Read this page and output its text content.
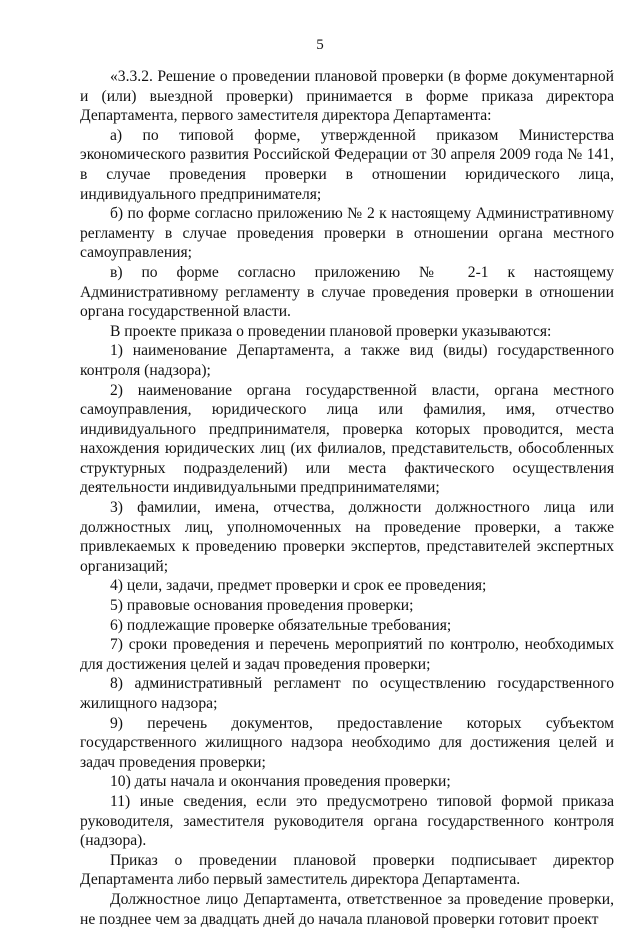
5

«3.3.2. Решение о проведении плановой проверки (в форме документарной и (или) выездной проверки) принимается в форме приказа директора Департамента, первого заместителя директора Департамента:

а) по типовой форме, утвержденной приказом Министерства экономического развития Российской Федерации от 30 апреля 2009 года № 141, в случае проведения проверки в отношении юридического лица, индивидуального предпринимателя;

б) по форме согласно приложению № 2 к настоящему Административному регламенту в случае проведения проверки в отношении органа местного самоуправления;

в) по форме согласно приложению № 2-1 к настоящему Административному регламенту в случае проведения проверки в отношении органа государственной власти.

В проекте приказа о проведении плановой проверки указываются:

1) наименование Департамента, а также вид (виды) государственного контроля (надзора);

2) наименование органа государственной власти, органа местного самоуправления, юридического лица или фамилия, имя, отчество индивидуального предпринимателя, проверка которых проводится, места нахождения юридических лиц (их филиалов, представительств, обособленных структурных подразделений) или места фактического осуществления деятельности индивидуальными предпринимателями;

3) фамилии, имена, отчества, должности должностного лица или должностных лиц, уполномоченных на проведение проверки, а также привлекаемых к проведению проверки экспертов, представителей экспертных организаций;

4) цели, задачи, предмет проверки и срок ее проведения;

5) правовые основания проведения проверки;

6) подлежащие проверке обязательные требования;

7) сроки проведения и перечень мероприятий по контролю, необходимых для достижения целей и задач проведения проверки;

8) административный регламент по осуществлению государственного жилищного надзора;

9) перечень документов, предоставление которых субъектом государственного жилищного надзора необходимо для достижения целей и задач проведения проверки;

10) даты начала и окончания проведения проверки;

11) иные сведения, если это предусмотрено типовой формой приказа руководителя, заместителя руководителя органа государственного контроля (надзора).

Приказ о проведении плановой проверки подписывает директор Департамента либо первый заместитель директора Департамента.

Должностное лицо Департамента, ответственное за проведение проверки, не позднее чем за двадцать дней до начала плановой проверки готовит проект
